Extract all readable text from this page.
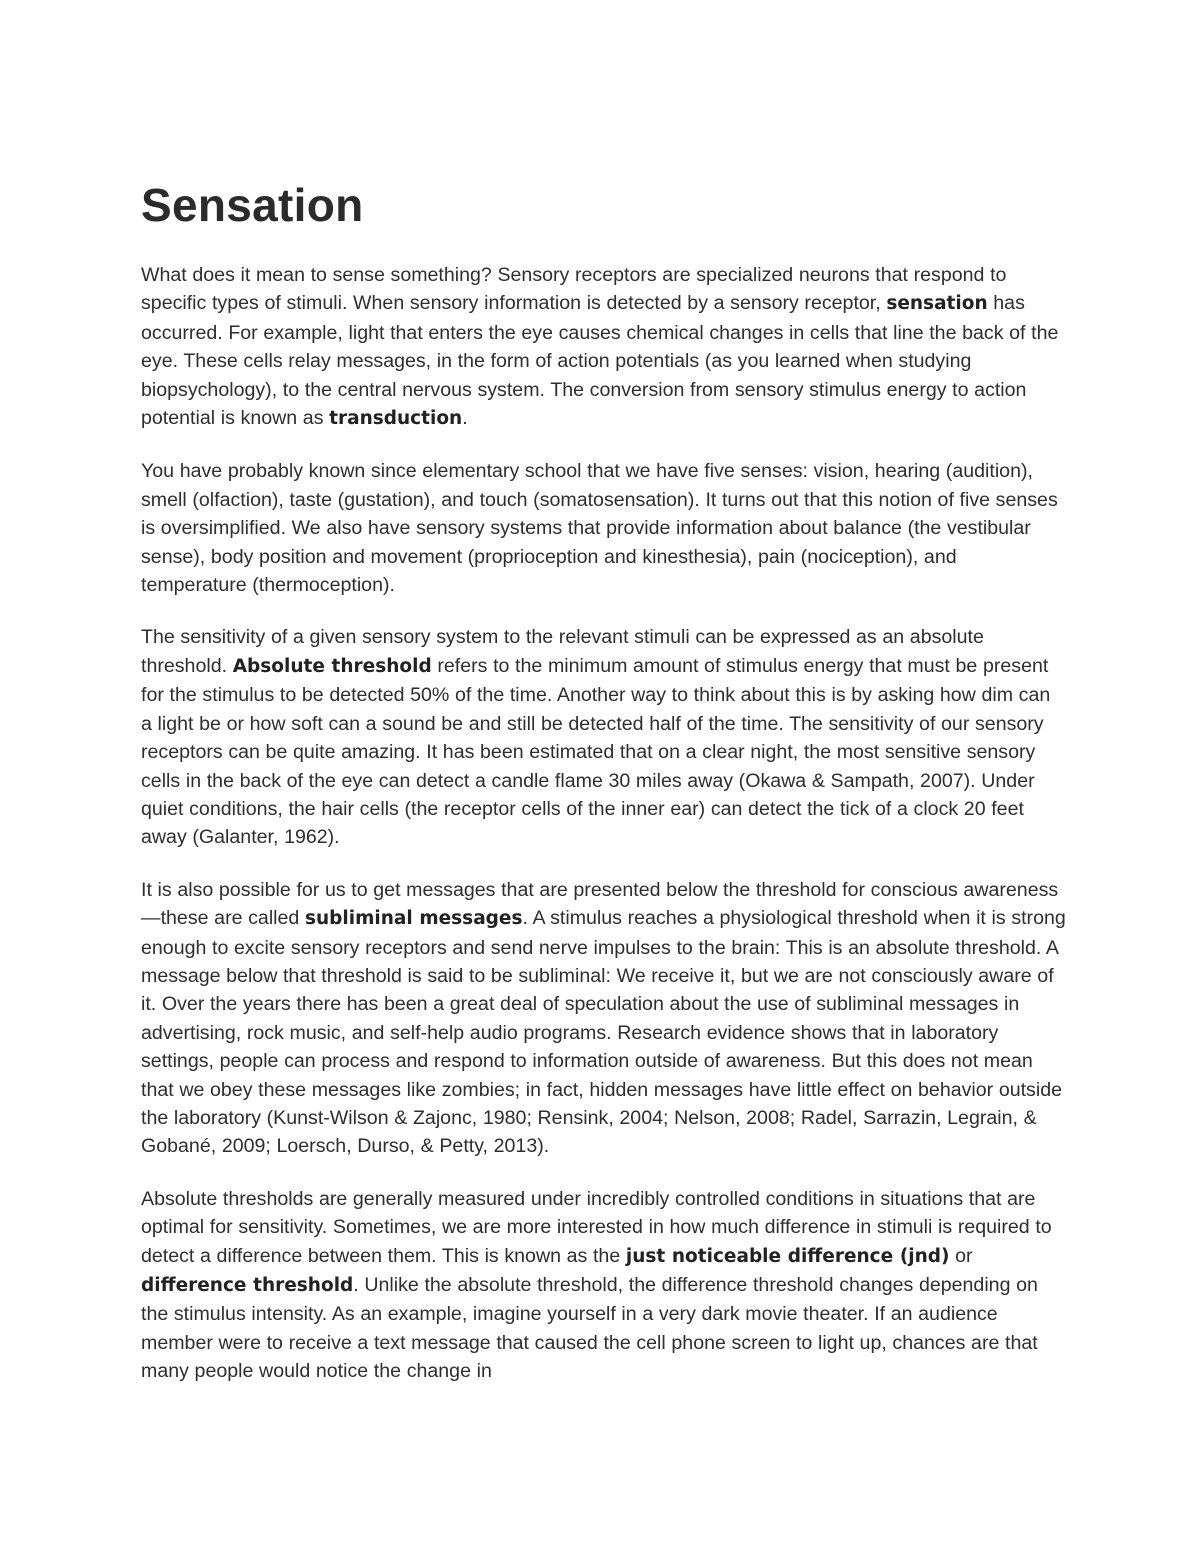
Sensation

What does it mean to sense something? Sensory receptors are specialized neurons that respond to specific types of stimuli. When sensory information is detected by a sensory receptor, sensation has occurred. For example, light that enters the eye causes chemical changes in cells that line the back of the eye. These cells relay messages, in the form of action potentials (as you learned when studying biopsychology), to the central nervous system. The conversion from sensory stimulus energy to action potential is known as transduction.

You have probably known since elementary school that we have five senses: vision, hearing (audition), smell (olfaction), taste (gustation), and touch (somatosensation). It turns out that this notion of five senses is oversimplified. We also have sensory systems that provide information about balance (the vestibular sense), body position and movement (proprioception and kinesthesia), pain (nociception), and temperature (thermoception).

The sensitivity of a given sensory system to the relevant stimuli can be expressed as an absolute threshold. Absolute threshold refers to the minimum amount of stimulus energy that must be present for the stimulus to be detected 50% of the time. Another way to think about this is by asking how dim can a light be or how soft can a sound be and still be detected half of the time. The sensitivity of our sensory receptors can be quite amazing. It has been estimated that on a clear night, the most sensitive sensory cells in the back of the eye can detect a candle flame 30 miles away (Okawa & Sampath, 2007). Under quiet conditions, the hair cells (the receptor cells of the inner ear) can detect the tick of a clock 20 feet away (Galanter, 1962).

It is also possible for us to get messages that are presented below the threshold for conscious awareness—these are called subliminal messages. A stimulus reaches a physiological threshold when it is strong enough to excite sensory receptors and send nerve impulses to the brain: This is an absolute threshold. A message below that threshold is said to be subliminal: We receive it, but we are not consciously aware of it. Over the years there has been a great deal of speculation about the use of subliminal messages in advertising, rock music, and self-help audio programs. Research evidence shows that in laboratory settings, people can process and respond to information outside of awareness. But this does not mean that we obey these messages like zombies; in fact, hidden messages have little effect on behavior outside the laboratory (Kunst-Wilson & Zajonc, 1980; Rensink, 2004; Nelson, 2008; Radel, Sarrazin, Legrain, & Gobané, 2009; Loersch, Durso, & Petty, 2013).

Absolute thresholds are generally measured under incredibly controlled conditions in situations that are optimal for sensitivity. Sometimes, we are more interested in how much difference in stimuli is required to detect a difference between them. This is known as the just noticeable difference (jnd) or difference threshold. Unlike the absolute threshold, the difference threshold changes depending on the stimulus intensity. As an example, imagine yourself in a very dark movie theater. If an audience member were to receive a text message that caused the cell phone screen to light up, chances are that many people would notice the change in
